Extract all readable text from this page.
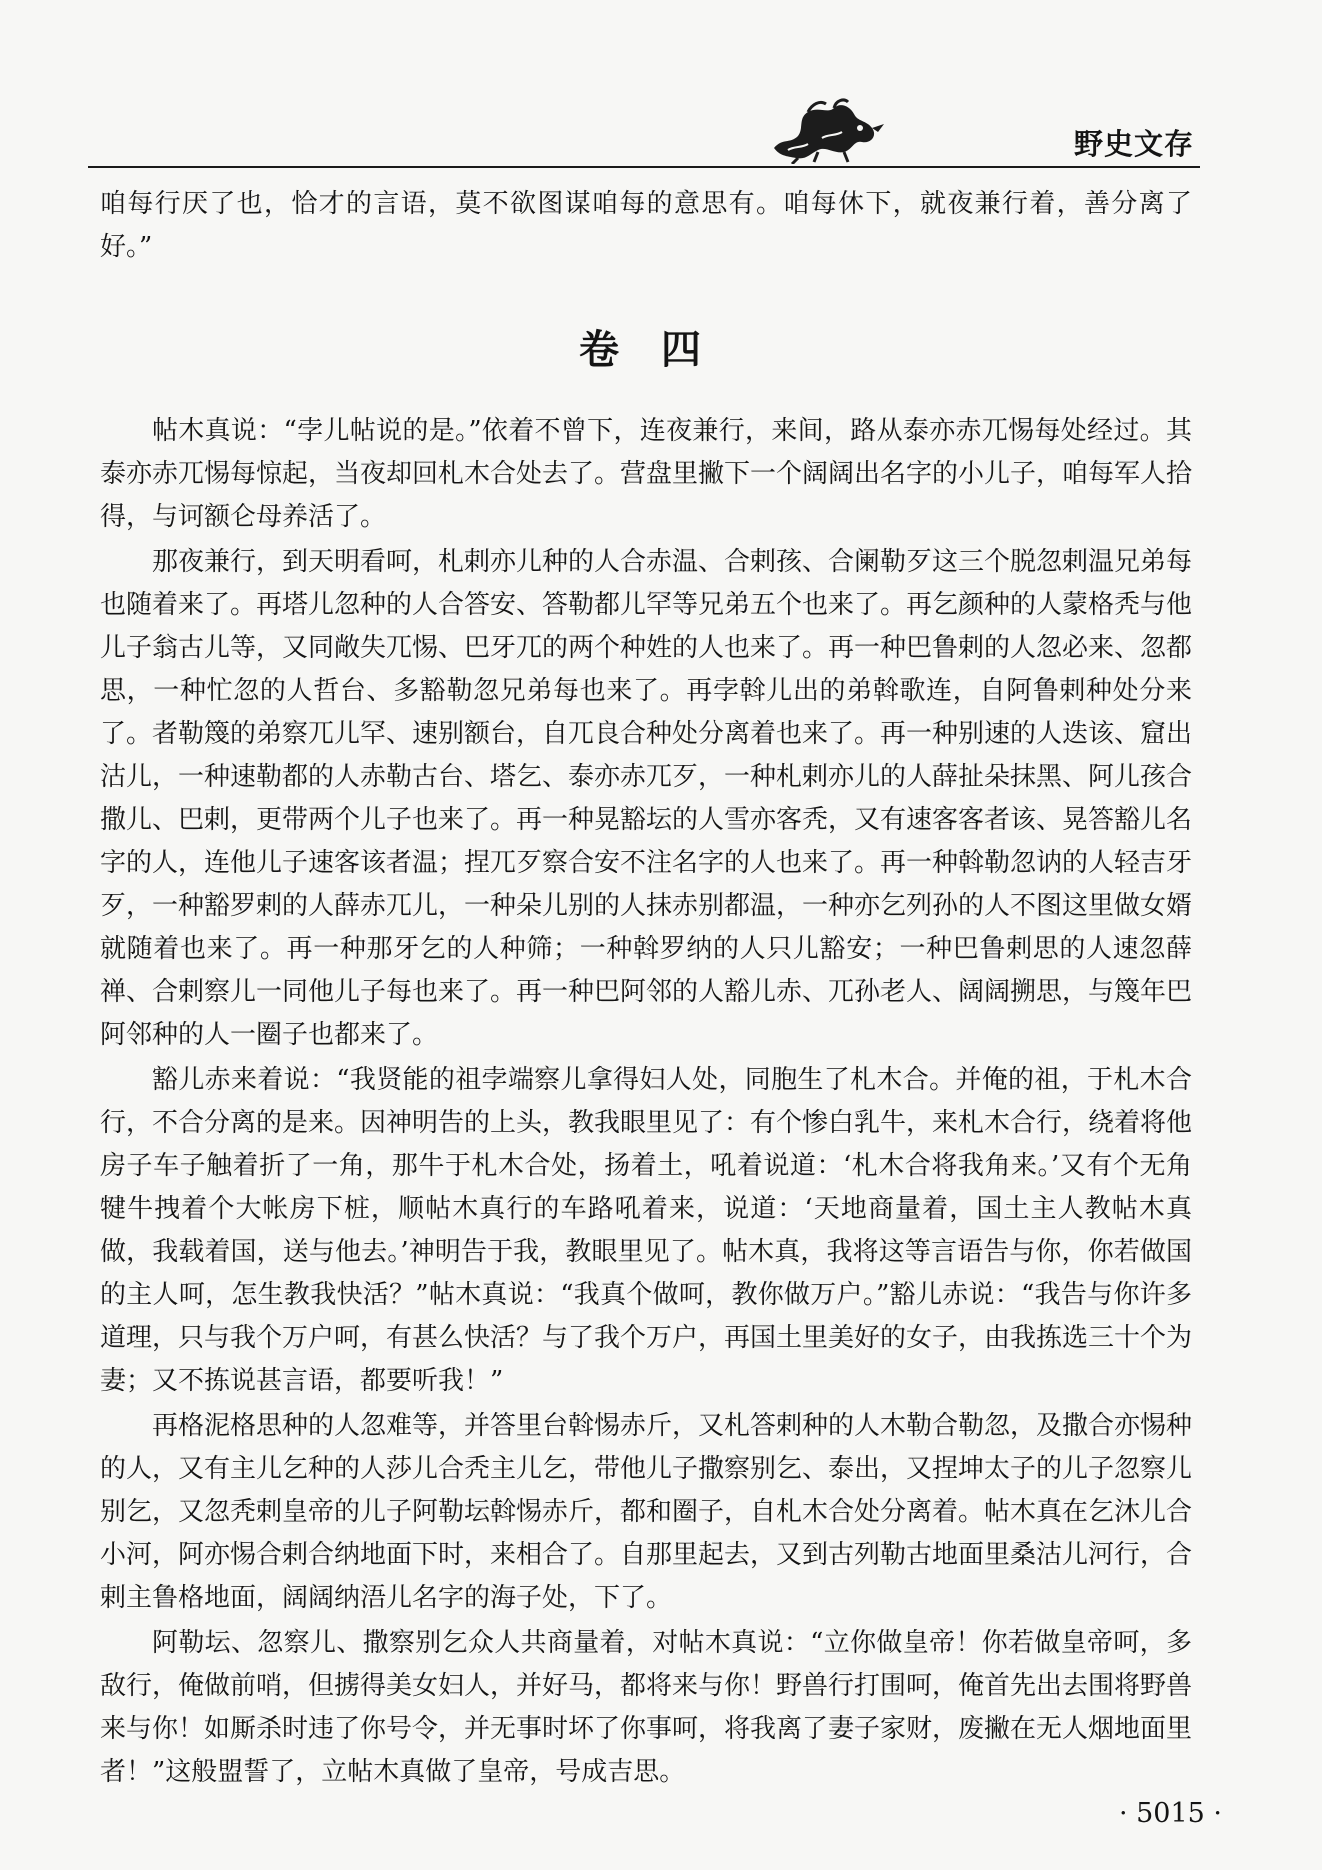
野史文存

咱每行厌了也，恰才的言语，莫不欲图谋咱每的意思有。咱每休下，就夜兼行着，善分离了好。”

卷四

帖木真说：“孛儿帖说的是。”依着不曾下，连夜兼行，来间，路从泰亦赤兀惕每处经过。其泰亦赤兀惕每惊起，当夜却回札木合处去了。营盘里撇下一个阔阔出名字的小儿子，咱每军人拾得，与诃额仑母养活了。

那夜兼行，到天明看呵，札剌亦儿种的人合赤温、合剌孩、合阑勒歹这三个脱忽剌温兄弟每也随着来了。再塔儿忽种的人合答安、答勒都儿罕等兄弟五个也来了。再乞颜种的人蒙格秃与他儿子翁古儿等，又同敞失兀惕、巴牙兀的两个种姓的人也来了。再一种巴鲁剌的人忽必来、忽都思，一种忙忽的人哲台、多豁勒忽兄弟每也来了。再孛斡儿出的弟斡歌连，自阿鲁剌种处分来了。者勒篾的弟察兀儿罕、速别额台，自兀良合种处分离着也来了。再一种别速的人迭该、窟出沽儿，一种速勒都的人赤勒古台、塔乞、泰亦赤兀歹，一种札剌亦儿的人薛扯朵抹黑、阿儿孩合撒儿、巴剌，更带两个儿子也来了。再一种晃豁坛的人雪亦客秃，又有速客客者该、晃答豁儿名字的人，连他儿子速客该者温；捏兀歹察合安不注名字的人也来了。再一种斡勒忽讷的人轻吉牙歹，一种豁罗剌的人薛赤兀儿，一种朵儿别的人抹赤别都温，一种亦乞列孙的人不图这里做女婿就随着也来了。再一种那牙乞的人种筛；一种斡罗纳的人只儿豁安；一种巴鲁剌思的人速忽薛禅、合剌察儿一同他儿子每也来了。再一种巴阿邻的人豁儿赤、兀孙老人、阔阔搠思，与篾年巴阿邻种的人一圈子也都来了。

豁儿赤来着说：“我贤能的祖孛端察儿拿得妇人处，同胞生了札木合。并俺的祖，于札木合行，不合分离的是来。因神明告的上头，教我眼里见了：有个惨白乳牛，来札木合行，绕着将他房子车子触着折了一角，那牛于札木合处，扬着土，吼着说道：‘札木合将我角来。’又有个无角犍牛拽着个大帐房下桩，顺帖木真行的车路吼着来，说道：‘天地商量着，国土主人教帖木真做，我载着国，送与他去。’神明告于我，教眼里见了。帖木真，我将这等言语告与你，你若做国的主人呵，怎生教我快活？”帖木真说：“我真个做呵，教你做万户。”豁儿赤说：“我告与你许多道理，只与我个万户呵，有甚么快活？与了我个万户，再国土里美好的女子，由我拣选三十个为妻；又不拣说甚言语，都要听我！”

再格泥格思种的人忽难等，并答里台斡惕赤斤，又札答剌种的人木勒合勒忽，及撒合亦惕种的人，又有主儿乞种的人莎儿合秃主儿乞，带他儿子撒察别乞、泰出，又捏坤太子的儿子忽察儿别乞，又忽秃剌皇帝的儿子阿勒坛斡惕赤斤，都和圈子，自札木合处分离着。帖木真在乞沐儿合小河，阿亦惕合剌合纳地面下时，来相合了。自那里起去，又到古列勒古地面里桑沽儿河行，合剌主鲁格地面，阔阔纳浯儿名字的海子处，下了。

阿勒坛、忽察儿、撒察别乞众人共商量着，对帖木真说：“立你做皇帝！你若做皇帝呵，多敌行，俺做前哨，但掳得美女妇人，并好马，都将来与你！野兽行打围呵，俺首先出去围将野兽来与你！如厮杀时违了你号令，并无事时坏了你事呵，将我离了妻子家财，废撇在无人烟地面里者！”这般盟誓了，立帖木真做了皇帝，号成吉思。

· 5015 ·
